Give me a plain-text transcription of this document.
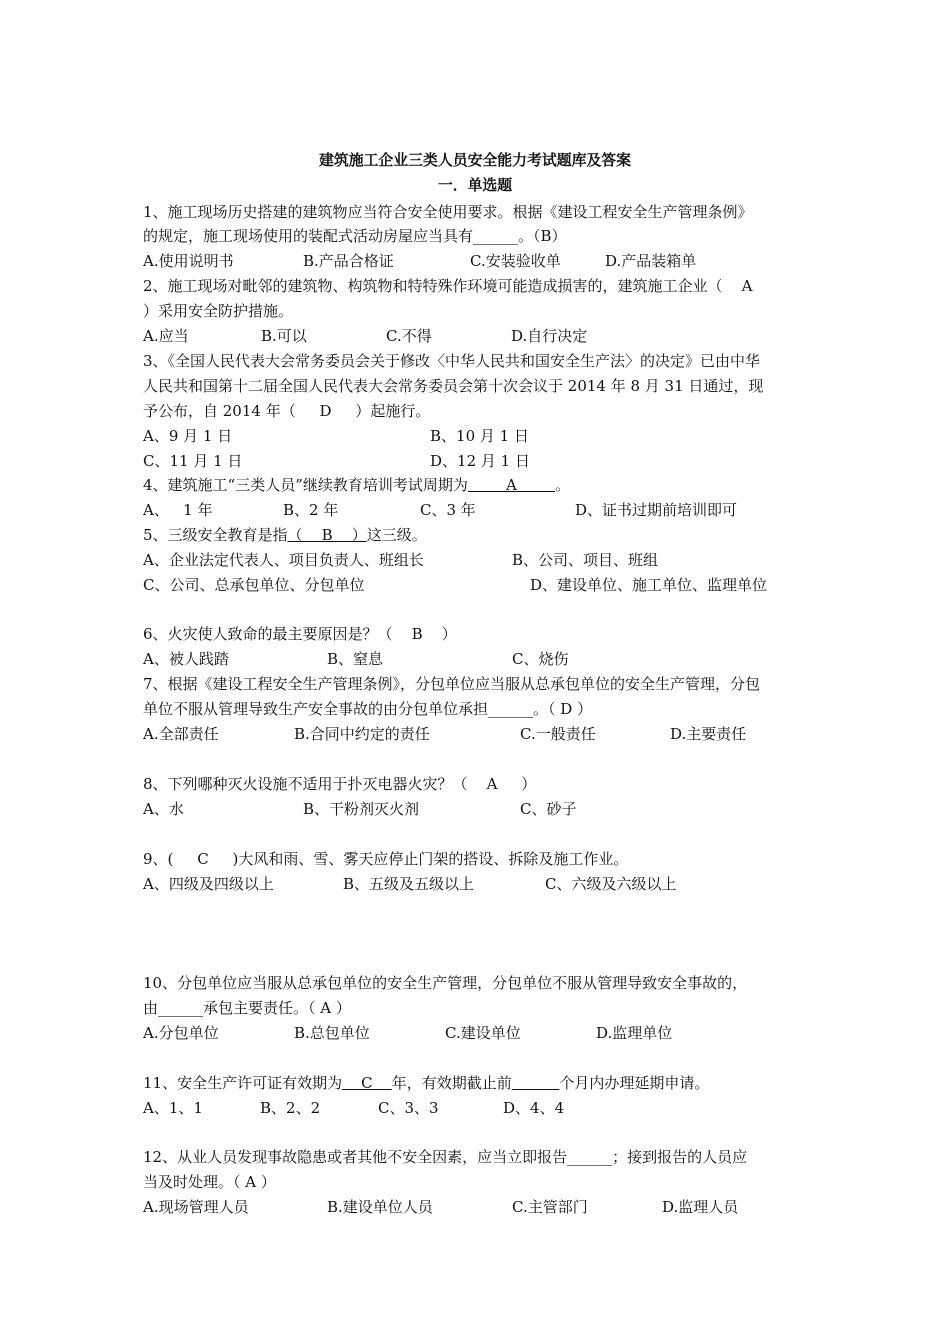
建筑施工企业三类人员安全能力考试题库及答案
一．单选题
1、施工现场历史搭建的建筑物应当符合安全使用要求。根据《建设工程安全生产管理条例》
的规定，施工现场使用的装配式活动房屋应当具有______。（B）
A.使用说明书	B.产品合格证	C.安装验收单	D.产品装箱单
2、施工现场对毗邻的建筑物、构筑物和特特殊作环境可能造成损害的，建筑施工企业（    A
）采用安全防护措施。
A.应当	B.可以	C.不得	D.自行决定
3、《全国人民代表大会常务委员会关于修改〈中华人民共和国安全生产法〉的决定》已由中华
人民共和国第十二届全国人民代表大会常务委员会第十次会议于 2014 年 8 月 31 日通过，现
予公布，自 2014 年（     D     ）起施行。
A、9 月 1 日	B、10 月 1 日
C、11 月 1 日	D、12 月 1 日
4、建筑施工“三类人员”继续教育培训考试周期为        A        。
A、   1 年	B、2 年	C、3 年	D、证书过期前培训即可
5、三级安全教育是指（    B    ）这三级。
A、企业法定代表人、项目负责人、班组长	B、公司、项目、班组
C、公司、总承包单位、分包单位	D、建设单位、施工单位、监理单位
6、火灾使人致命的最主要原因是？（    B    ）
A、被人践踏	B、窒息	C、烧伤
7、根据《建设工程安全生产管理条例》，分包单位应当服从总承包单位的安全生产管理，分包
单位不服从管理导致生产安全事故的由分包单位承担______。（ D ）
A.全部责任	B.合同中约定的责任	C.一般责任	D.主要责任
8、下列哪种灭火设施不适用于扑灭电器火灾？（    A     ）
A、水	B、干粉剂灭火剂	C、砂子
9、(     C     )大风和雨、雪、雾天应停止门架的搭设、拆除及施工作业。
A、四级及四级以上	B、五级及五级以上	C、六级及六级以上
10、分包单位应当服从总承包单位的安全生产管理，分包单位不服从管理导致安全事故的，
由______承包主要责任。（ A ）
A.分包单位	B.总包单位	C.建设单位	D.监理单位
11、安全生产许可证有效期为    C    年，有效期截止前	个月内办理延期申请。
A、1、1	B、2、2	C、3、3	D、4、4
12、从业人员发现事故隐患或者其他不安全因素，应当立即报告______；接到报告的人员应
当及时处理。（ A ）
A.现场管理人员	B.建设单位人员	C.主管部门	D.监理人员
